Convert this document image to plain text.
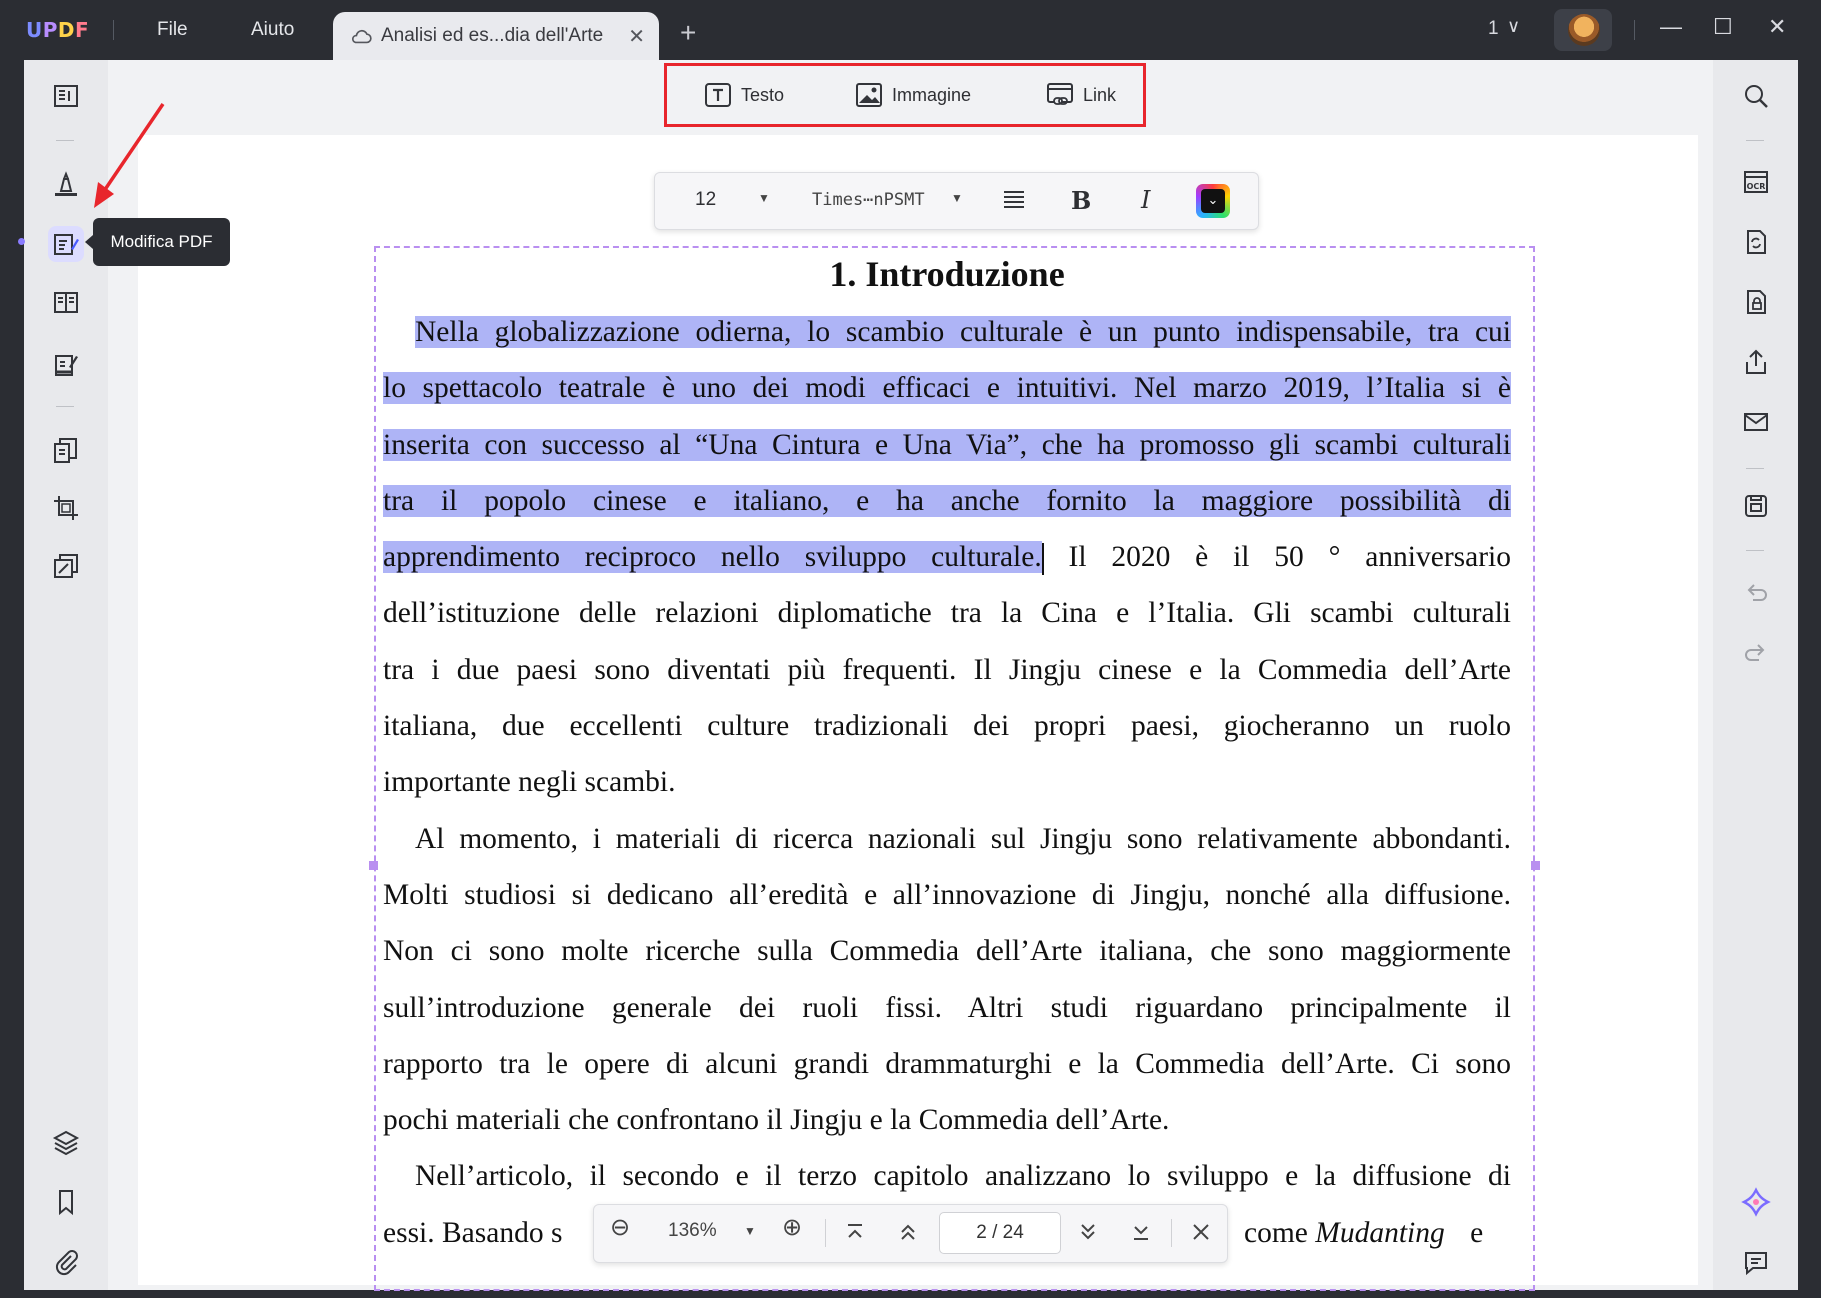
UPDF	File	Aiuto	Analisi ed es...dia dell'Arte ✕ +	1 ∨	— ☐ ✕
Modifica PDF
OCR
Testo	Immagine	Link
12	▼ Times⋯nPSMT ▼	B I	⌄
1. Introduzione
Nella globalizzazione odierna, lo scambio culturale è un punto indispensabile, tra cui
lo spettacolo teatrale è uno dei modi efficaci e intuitivi. Nel marzo 2019, l’Italia si è
inserita con successo al “Una Cintura e Una Via”, che ha promosso gli scambi culturali
tra il popolo cinese e italiano, e ha anche fornito la maggiore possibilità di
apprendimento reciproco nello sviluppo culturale. Il 2020 è il 50 ° anniversario
dell’istituzione delle relazioni diplomatiche tra la Cina e l’Italia. Gli scambi culturali
tra i due paesi sono diventati più frequenti. Il Jingju cinese e la Commedia dell’Arte
italiana, due eccellenti culture tradizionali dei propri paesi, giocheranno un ruolo
importante negli scambi.
Al momento, i materiali di ricerca nazionali sul Jingju sono relativamente abbondanti.
Molti studiosi si dedicano all’eredità e all’innovazione di Jingju, nonché alla diffusione.
Non ci sono molte ricerche sulla Commedia dell’Arte italiana, che sono maggiormente
sull’introduzione generale dei ruoli fissi. Altri studi riguardano principalmente il
rapporto tra le opere di alcuni grandi drammaturghi e la Commedia dell’Arte. Ci sono
pochi materiali che confrontano il Jingju e la Commedia dell’Arte.
Nell’articolo, il secondo e il terzo capitolo analizzano lo sviluppo e la diffusione di
essi. Basando s	come Mudanting e
⊖ 136% ▼ ⊕	2 / 24
